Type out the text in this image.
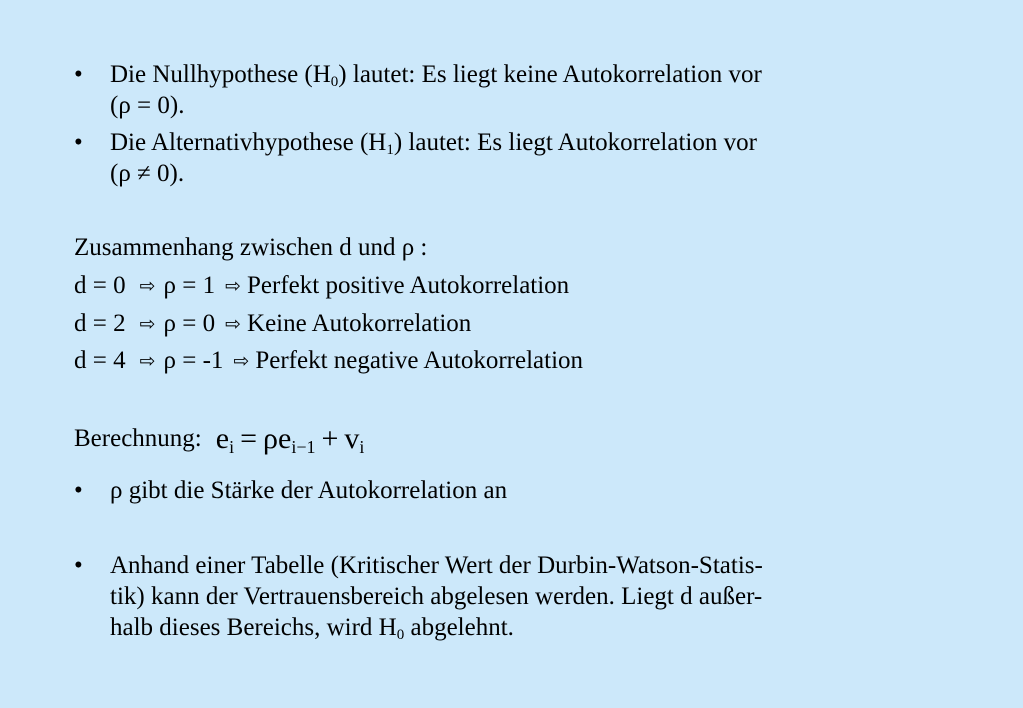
• Die Nullhypothese $(H_0)$ lautet: Es liegt keine Autokorrelation vor
(ρ = 0).
• Die Alternativhypothese $(H_1)$ lautet: Es liegt Autokorrelation vor
(ρ ≠ 0).
Zusammenhang zwischen d und ρ :
d = 0 ⇨ ρ = 1 ⇨ Perfekt positive Autokorrelation
d = 2 ⇨ ρ = 0 ⇨ Keine Autokorrelation
d = 4 ⇨ ρ = -1 ⇨ Perfekt negative Autokorrelation
Berechnung: $e_i = \rho e_{i-1} + v_i$
• ρ gibt die Stärke der Autokorrelation an
• Anhand einer Tabelle (Kritischer Wert der Durbin-Watson-Statis-
tik) kann der Vertrauensbereich abgelesen werden. Liegt d außer-
halb dieses Bereichs, wird $H_0$ abgelehnt.
